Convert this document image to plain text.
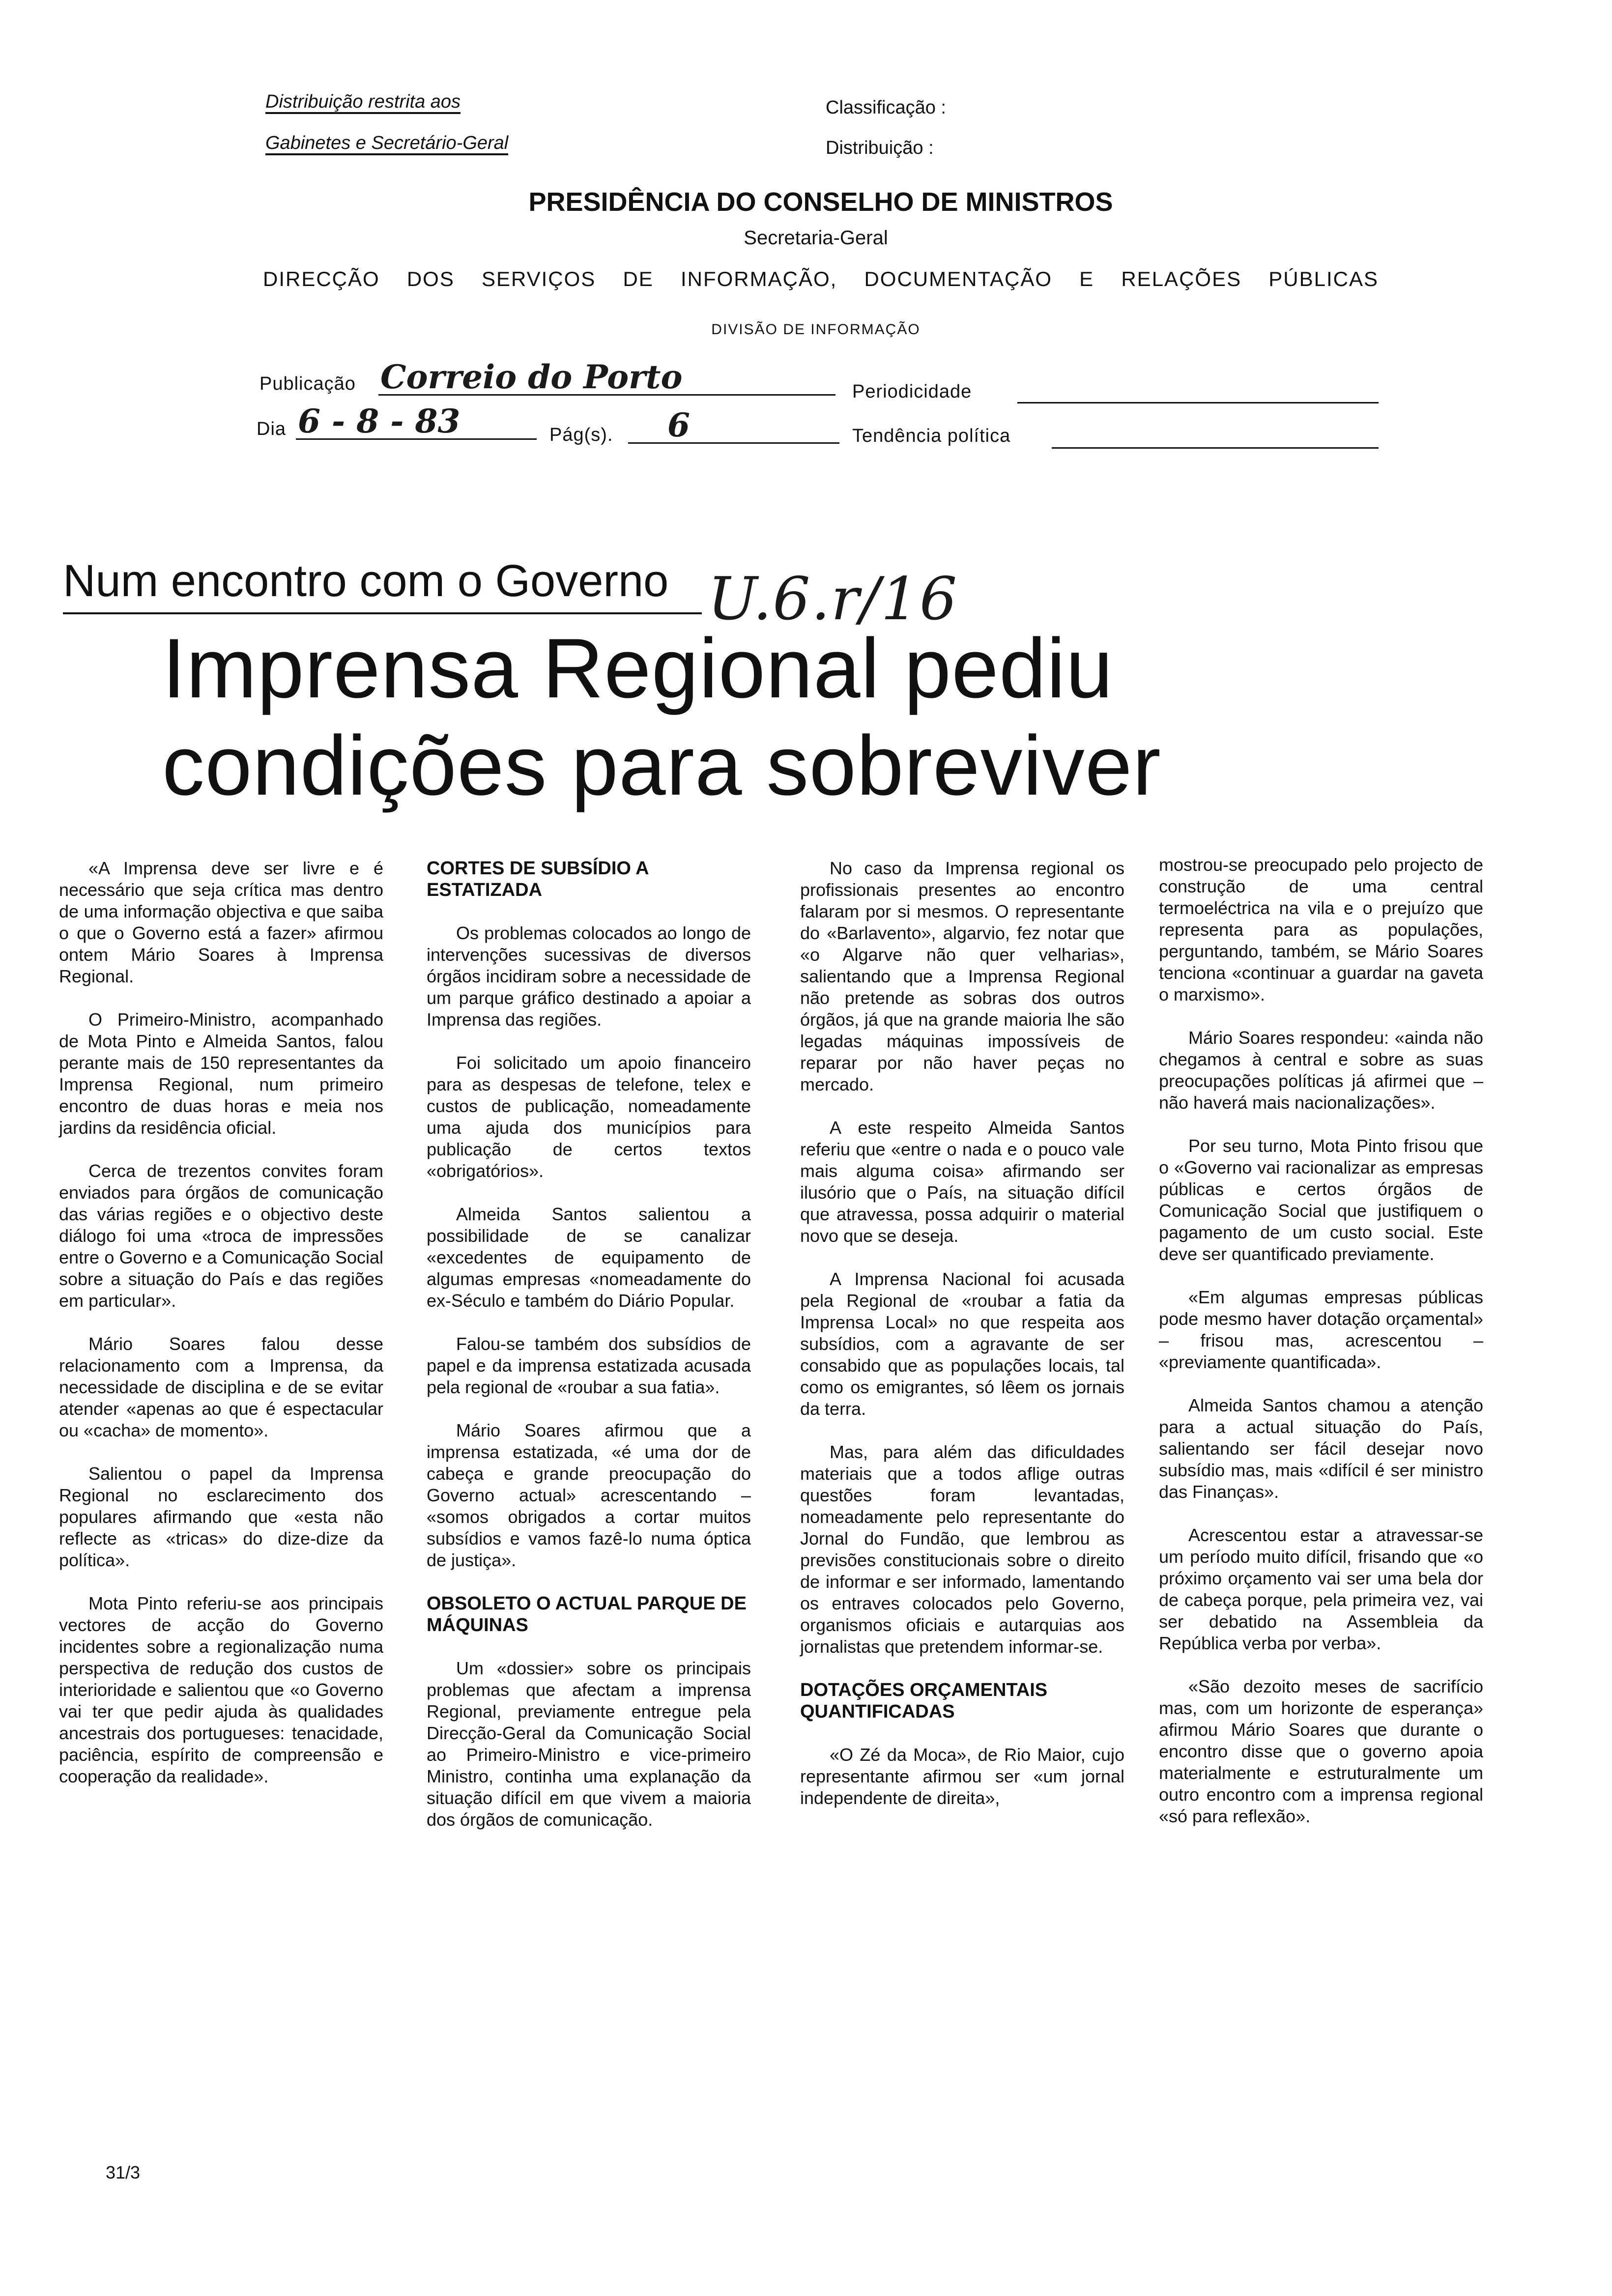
Distribuição restrita aos
Gabinetes e Secretário-Geral
Classificação :
Distribuição :
PRESIDÊNCIA DO CONSELHO DE MINISTROS
Secretaria-Geral
DIRECÇÃO DOS SERVIÇOS DE INFORMAÇÃO, DOCUMENTAÇÃO E RELAÇÕES PÚBLICAS
DIVISÃO DE INFORMAÇÃO
Publicação Correio do Porto	Periodicidade
Dia 6 - 8 - 83	Pág(s). 6	Tendência política
Num encontro com o Governo U.6.r/16
Imprensa Regional pediu
condições para sobreviver

«A Imprensa deve ser livre e é necessário que seja crítica mas dentro de uma informação objectiva e que saiba o que o Governo está a fazer» afirmou ontem Mário Soares à Imprensa Regional.

O Primeiro-Ministro, acompanhado de Mota Pinto e Almeida Santos, falou perante mais de 150 representantes da Imprensa Regional, num primeiro encontro de duas horas e meia nos jardins da residência oficial.

Cerca de trezentos convites foram enviados para órgãos de comunicação das várias regiões e o objectivo deste diálogo foi uma «troca de impressões entre o Governo e a Comunicação Social sobre a situação do País e das regiões em particular».

Mário Soares falou desse relacionamento com a Imprensa, da necessidade de disciplina e de se evitar atender «apenas ao que é espectacular ou «cacha» de momento».

Salientou o papel da Imprensa Regional no esclarecimento dos populares afirmando que «esta não reflecte as «tricas» do dize-dize da política».

Mota Pinto referiu-se aos principais vectores de acção do Governo incidentes sobre a regionalização numa perspectiva de redução dos custos de interioridade e salientou que «o Governo vai ter que pedir ajuda às qualidades ancestrais dos portugueses: tenacidade, paciência, espírito de compreensão e cooperação da realidade».

CORTES DE SUBSÍDIO A ESTATIZADA

Os problemas colocados ao longo de intervenções sucessivas de diversos órgãos incidiram sobre a necessidade de um parque gráfico destinado a apoiar a Imprensa das regiões.

Foi solicitado um apoio financeiro para as despesas de telefone, telex e custos de publicação, nomeadamente uma ajuda dos municípios para publicação de certos textos «obrigatórios».

Almeida Santos salientou a possibilidade de se canalizar «excedentes de equipamento de algumas empresas «nomeadamente do ex-Século e também do Diário Popular.

Falou-se também dos subsídios de papel e da imprensa estatizada acusada pela regional de «roubar a sua fatia».

Mário Soares afirmou que a imprensa estatizada, «é uma dor de cabeça e grande preocupação do Governo actual» acrescentando – «somos obrigados a cortar muitos subsídios e vamos fazê-lo numa óptica de justiça».

OBSOLETO O ACTUAL PARQUE DE MÁQUINAS

Um «dossier» sobre os principais problemas que afectam a imprensa Regional, previamente entregue pela Direcção-Geral da Comunicação Social ao Primeiro-Ministro e vice-primeiro Ministro, continha uma explanação da situação difícil em que vivem a maioria dos órgãos de comunicação.

No caso da Imprensa regional os profissionais presentes ao encontro falaram por si mesmos. O representante do «Barlavento», algarvio, fez notar que «o Algarve não quer velharias», salientando que a Imprensa Regional não pretende as sobras dos outros órgãos, já que na grande maioria lhe são legadas máquinas impossíveis de reparar por não haver peças no mercado.

A este respeito Almeida Santos referiu que «entre o nada e o pouco vale mais alguma coisa» afirmando ser ilusório que o País, na situação difícil que atravessa, possa adquirir o material novo que se deseja.

A Imprensa Nacional foi acusada pela Regional de «roubar a fatia da Imprensa Local» no que respeita aos subsídios, com a agravante de ser consabido que as populações locais, tal como os emigrantes, só lêem os jornais da terra.

Mas, para além das dificuldades materiais que a todos aflige outras questões foram levantadas, nomeadamente pelo representante do Jornal do Fundão, que lembrou as previsões constitucionais sobre o direito de informar e ser informado, lamentando os entraves colocados pelo Governo, organismos oficiais e autarquias aos jornalistas que pretendem informar-se.

DOTAÇÕES ORÇAMENTAIS QUANTIFICADAS

«O Zé da Moca», de Rio Maior, cujo representante afirmou ser «um jornal independente de direita»,

mostrou-se preocupado pelo projecto de construção de uma central termoeléctrica na vila e o prejuízo que representa para as populações, perguntando, também, se Mário Soares tenciona «continuar a guardar na gaveta o marxismo».

Mário Soares respondeu: «ainda não chegamos à central e sobre as suas preocupações políticas já afirmei que – não haverá mais nacionalizações».

Por seu turno, Mota Pinto frisou que o «Governo vai racionalizar as empresas públicas e certos órgãos de Comunicação Social que justifiquem o pagamento de um custo social. Este deve ser quantificado previamente.

«Em algumas empresas públicas pode mesmo haver dotação orçamental» – frisou mas, acrescentou – «previamente quantificada».

Almeida Santos chamou a atenção para a actual situação do País, salientando ser fácil desejar novo subsídio mas, mais «difícil é ser ministro das Finanças».

Acrescentou estar a atravessar-se um período muito difícil, frisando que «o próximo orçamento vai ser uma bela dor de cabeça porque, pela primeira vez, vai ser debatido na Assembleia da República verba por verba».

«São dezoito meses de sacrifício mas, com um horizonte de esperança» afirmou Mário Soares que durante o encontro disse que o governo apoia materialmente e estruturalmente um outro encontro com a imprensa regional «só para reflexão».

31/3
